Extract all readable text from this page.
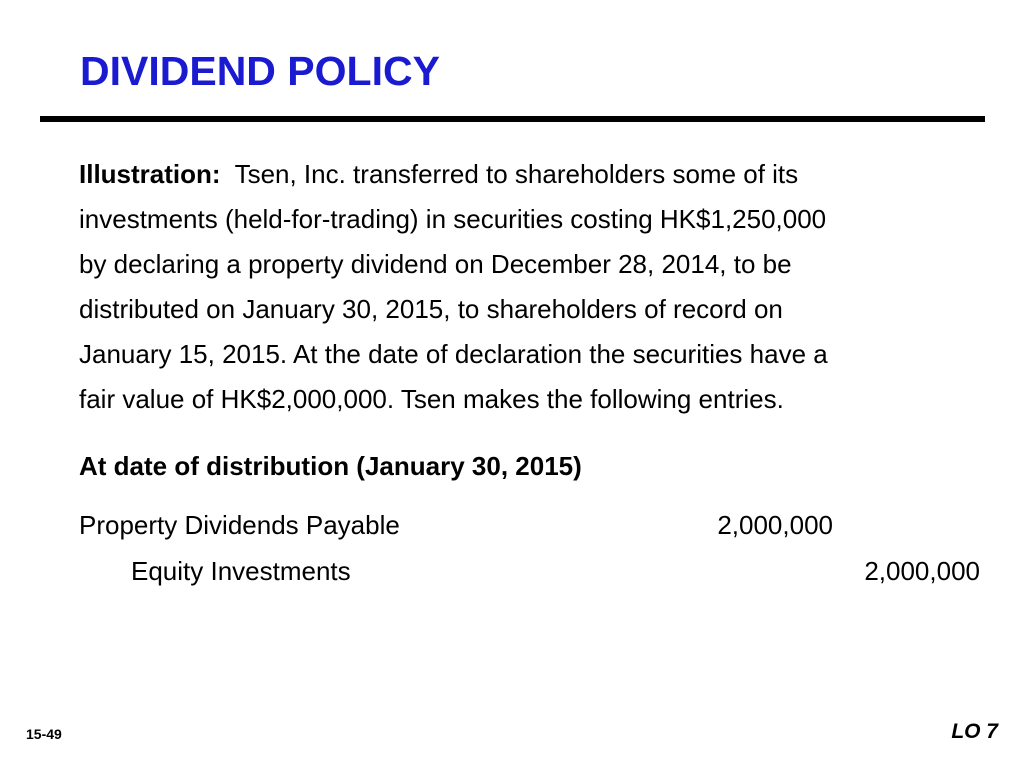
DIVIDEND POLICY
Illustration: Tsen, Inc. transferred to shareholders some of its
investments (held-for-trading) in securities costing HK$1,250,000
by declaring a property dividend on December 28, 2014, to be
distributed on January 30, 2015, to shareholders of record on
January 15, 2015. At the date of declaration the securities have a
fair value of HK$2,000,000. Tsen makes the following entries.
At date of distribution (January 30, 2015)
Property Dividends Payable	2,000,000
Equity Investments	2,000,000
15-49	LO 7
